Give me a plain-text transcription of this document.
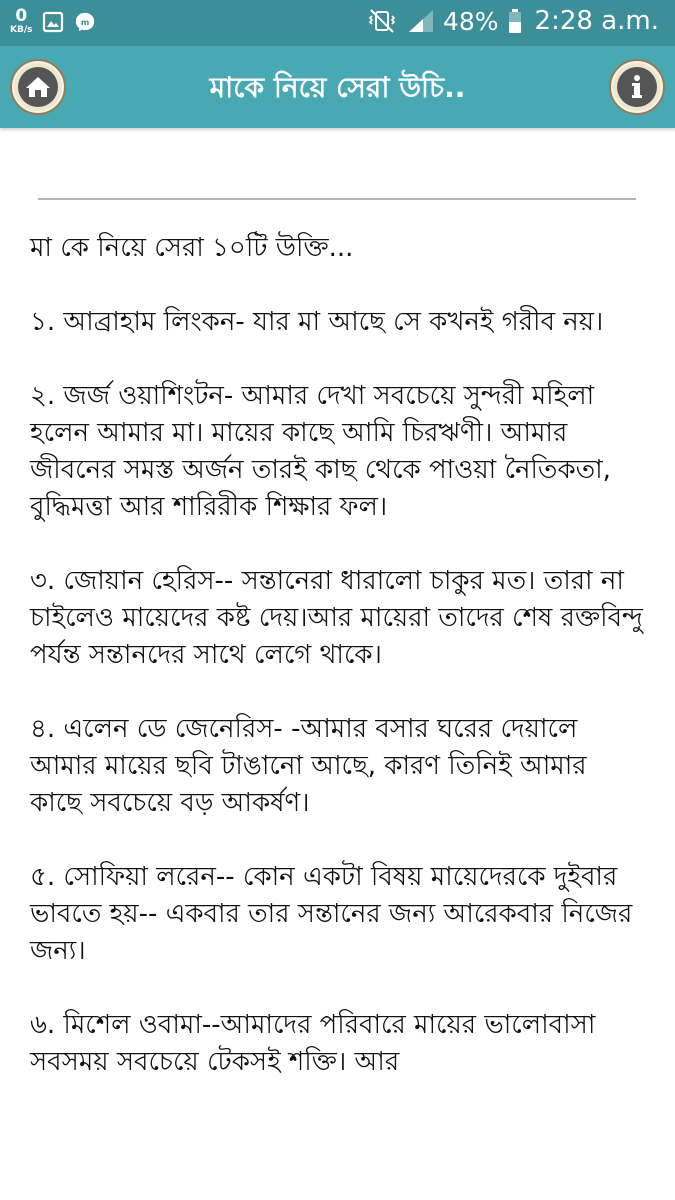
0
KB/s
m	48% 2:28 a.m.
মাকে নিয়ে সেরা উচি..

মা কে নিয়ে সেরা ১০টি উক্তি...

১. আব্রাহাম লিংকন- যার মা আছে সে কখনই গরীব নয়।

২. জর্জ ওয়াশিংটন- আমার দেখা সবচেয়ে সুন্দরী মহিলা হলেন আমার মা। মায়ের কাছে আমি চিরঋণী। আমার জীবনের সমস্ত অর্জন তারই কাছ থেকে পাওয়া নৈতিকতা, বুদ্ধিমত্তা আর শারিরীক শিক্ষার ফল।

৩. জোয়ান হেরিস-- সন্তানেরা ধারালো চাকুর মত। তারা না চাইলেও মায়েদের কষ্ট দেয়।আর মায়েরা তাদের শেষ রক্তবিন্দু পর্যন্ত সন্তানদের সাথে লেগে থাকে।

৪. এলেন ডে জেনেরিস- -আমার বসার ঘরের দেয়ালে আমার মায়ের ছবি টাঙানো আছে, কারণ তিনিই আমার কাছে সবচেয়ে বড় আকর্ষণ।

৫. সোফিয়া লরেন-- কোন একটা বিষয় মায়েদেরকে দুইবার ভাবতে হয়-- একবার তার সন্তানের জন্য আরেকবার নিজের জন্য।

৬. মিশেল ওবামা--আমাদের পরিবারে মায়ের ভালোবাসা সবসময় সবচেয়ে টেকসই শক্তি। আর
